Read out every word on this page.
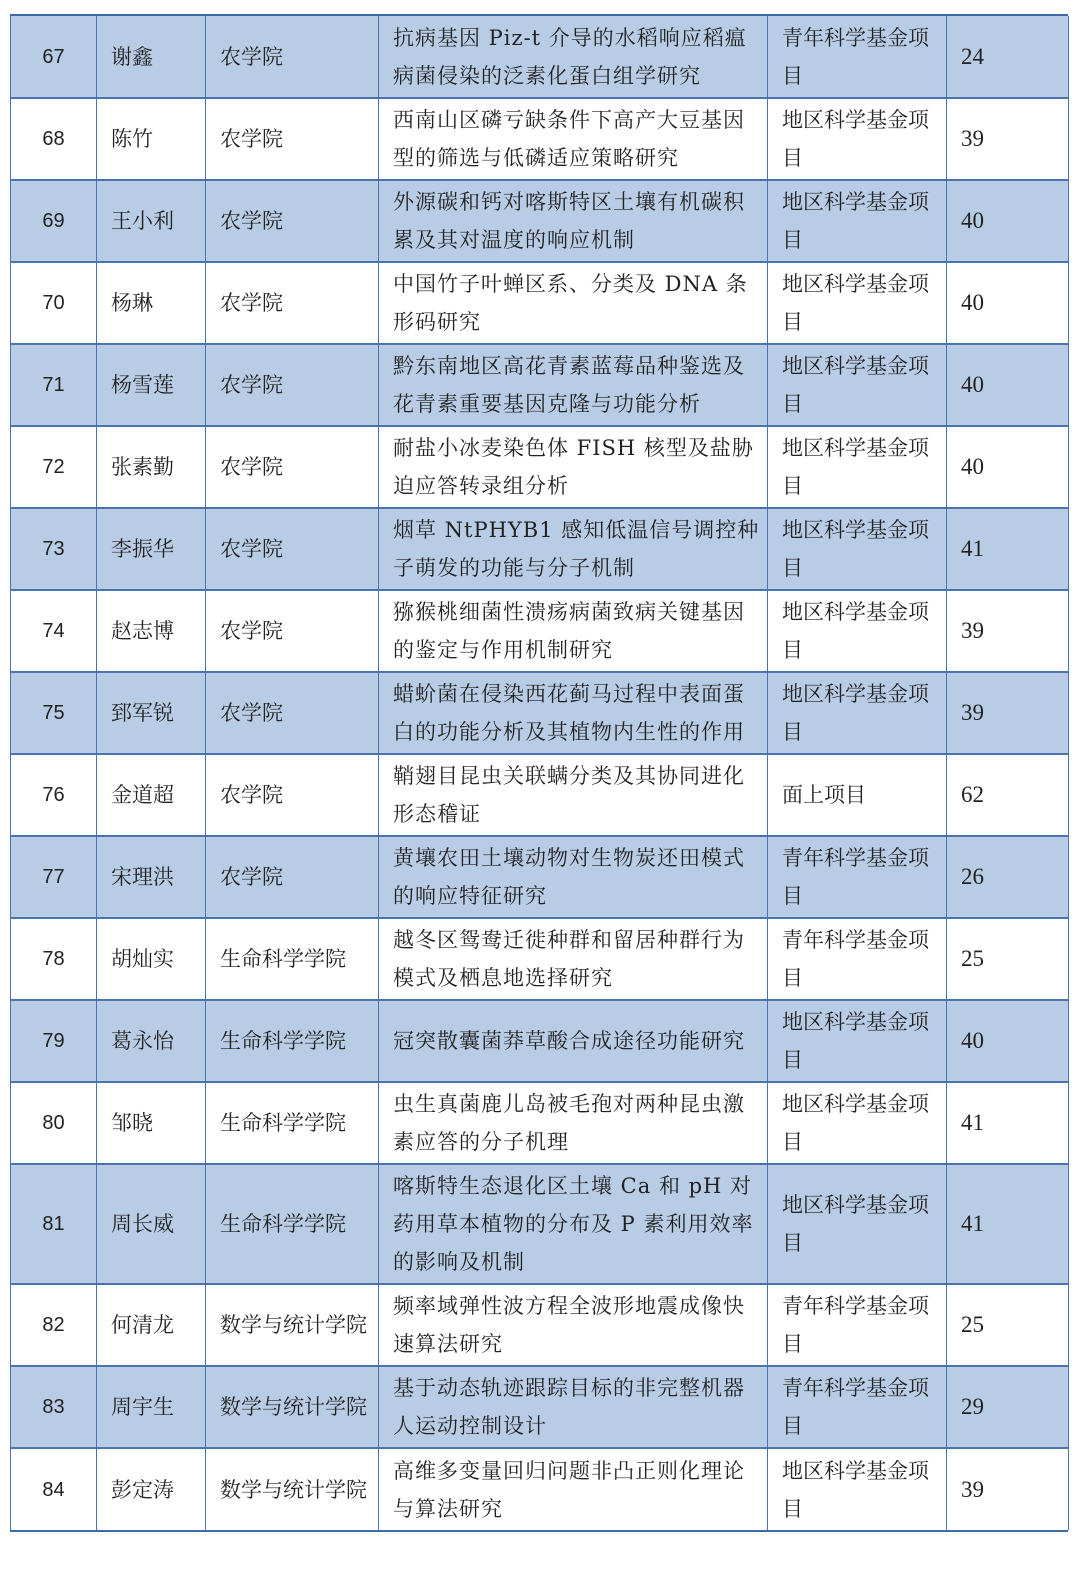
67	谢鑫	农学院	抗病基因 Piz-t 介导的水稻响应稻瘟病菌侵染的泛素化蛋白组学研究	青年科学基金项目	24
68	陈竹	农学院	西南山区磷亏缺条件下高产大豆基因型的筛选与低磷适应策略研究	地区科学基金项目	39
69	王小利	农学院	外源碳和钙对喀斯特区土壤有机碳积累及其对温度的响应机制	地区科学基金项目	40
70	杨琳	农学院	中国竹子叶蝉区系、分类及 DNA 条形码研究	地区科学基金项目	40
71	杨雪莲	农学院	黔东南地区高花青素蓝莓品种鉴选及花青素重要基因克隆与功能分析	地区科学基金项目	40
72	张素勤	农学院	耐盐小冰麦染色体 FISH 核型及盐胁迫应答转录组分析	地区科学基金项目	40
73	李振华	农学院	烟草 NtPHYB1 感知低温信号调控种子萌发的功能与分子机制	地区科学基金项目	41
74	赵志博	农学院	猕猴桃细菌性溃疡病菌致病关键基因的鉴定与作用机制研究	地区科学基金项目	39
75	郅军锐	农学院	蜡蚧菌在侵染西花蓟马过程中表面蛋白的功能分析及其植物内生性的作用	地区科学基金项目	39
76	金道超	农学院	鞘翅目昆虫关联螨分类及其协同进化形态稽证	面上项目	62
77	宋理洪	农学院	黄壤农田土壤动物对生物炭还田模式的响应特征研究	青年科学基金项目	26
78	胡灿实	生命科学学院	越冬区鸳鸯迁徙种群和留居种群行为模式及栖息地选择研究	青年科学基金项目	25
79	葛永怡	生命科学学院	冠突散囊菌莽草酸合成途径功能研究	地区科学基金项目	40
80	邹晓	生命科学学院	虫生真菌鹿儿岛被毛孢对两种昆虫激素应答的分子机理	地区科学基金项目	41
81	周长威	生命科学学院	喀斯特生态退化区土壤 Ca 和 pH 对药用草本植物的分布及 P 素利用效率的影响及机制	地区科学基金项目	41
82	何清龙	数学与统计学院	频率域弹性波方程全波形地震成像快速算法研究	青年科学基金项目	25
83	周宇生	数学与统计学院	基于动态轨迹跟踪目标的非完整机器人运动控制设计	青年科学基金项目	29
84	彭定涛	数学与统计学院	高维多变量回归问题非凸正则化理论与算法研究	地区科学基金项目	39
